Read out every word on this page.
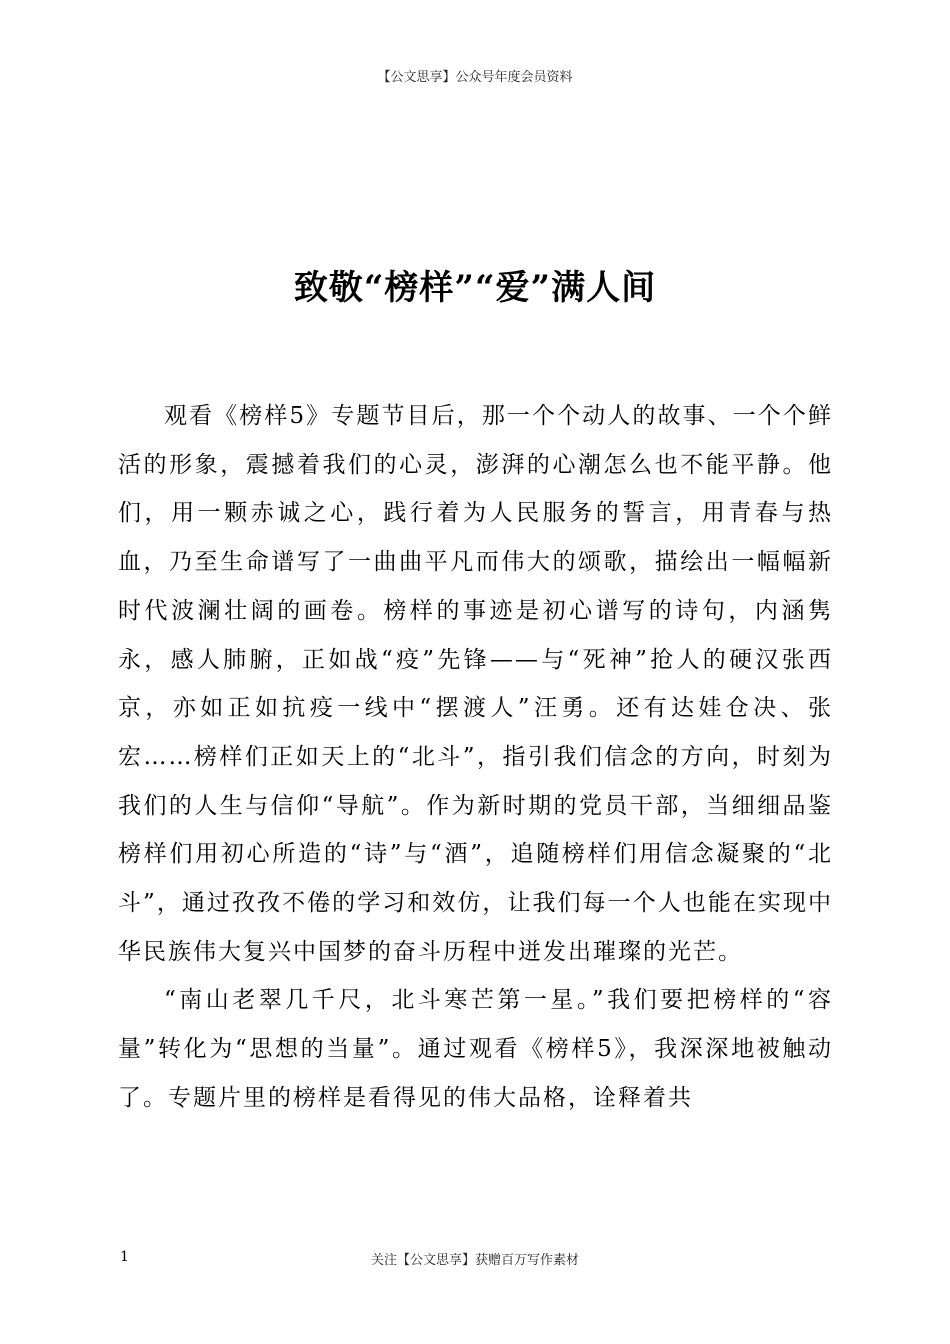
【公文思享】公众号年度会员资料
致敬“榜样”“爱”满人间

观看《榜样5》专题节目后，那一个个动人的故事、一个个鲜活的形象，震撼着我们的心灵，澎湃的心潮怎么也不能平静。他们，用一颗赤诚之心，践行着为人民服务的誓言，用青春与热血，乃至生命谱写了一曲曲平凡而伟大的颂歌，描绘出一幅幅新时代波澜壮阔的画卷。榜样的事迹是初心谱写的诗句，内涵隽永，感人肺腑，正如战“疫”先锋——与“死神”抢人的硬汉张西京，亦如正如抗疫一线中“摆渡人”汪勇。还有达娃仓决、张宏……榜样们正如天上的“北斗”，指引我们信念的方向，时刻为我们的人生与信仰“导航”。作为新时期的党员干部，当细细品鉴榜样们用初心所造的“诗”与“酒”，追随榜样们用信念凝聚的“北斗”，通过孜孜不倦的学习和效仿，让我们每一个人也能在实现中华民族伟大复兴中国梦的奋斗历程中迸发出璀璨的光芒。

“南山老翠几千尺，北斗寒芒第一星。”我们要把榜样的“容量”转化为“思想的当量”。通过观看《榜样5》，我深深地被触动了。专题片里的榜样是看得见的伟大品格，诠释着共

1	关注【公文思享】获赠百万写作素材
